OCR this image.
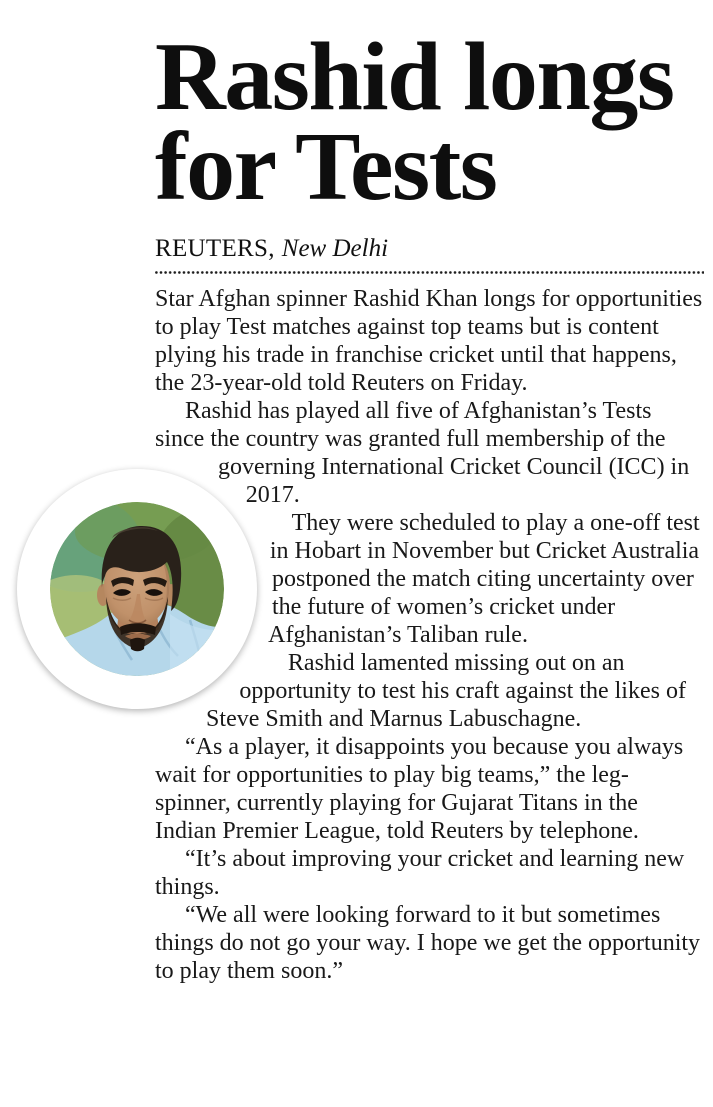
Rashid longs for Tests
REUTERS, New Delhi

Star Afghan spinner Rashid Khan longs for opportunities to play Test matches against top teams but is content plying his trade in franchise cricket until that happens, the 23-year-old told Reuters on Friday.

Rashid has played all five of Afghanistan’s Tests since the country was granted full membership of the governing International Cricket Council (ICC) in 2017.

They were scheduled to play a one-off test in Hobart in November but Cricket Australia postponed the match citing uncertainty over the future of women’s cricket under Afghanistan’s Taliban rule.

Rashid lamented missing out on an opportunity to test his craft against the likes of Steve Smith and Marnus Labuschagne.

“As a player, it disappoints you because you always wait for opportunities to play big teams,” the leg-spinner, currently playing for Gujarat Titans in the Indian Premier League, told Reuters by telephone.

“It’s about improving your cricket and learning new things.

“We all were looking forward to it but sometimes things do not go your way. I hope we get the opportunity to play them soon.”
